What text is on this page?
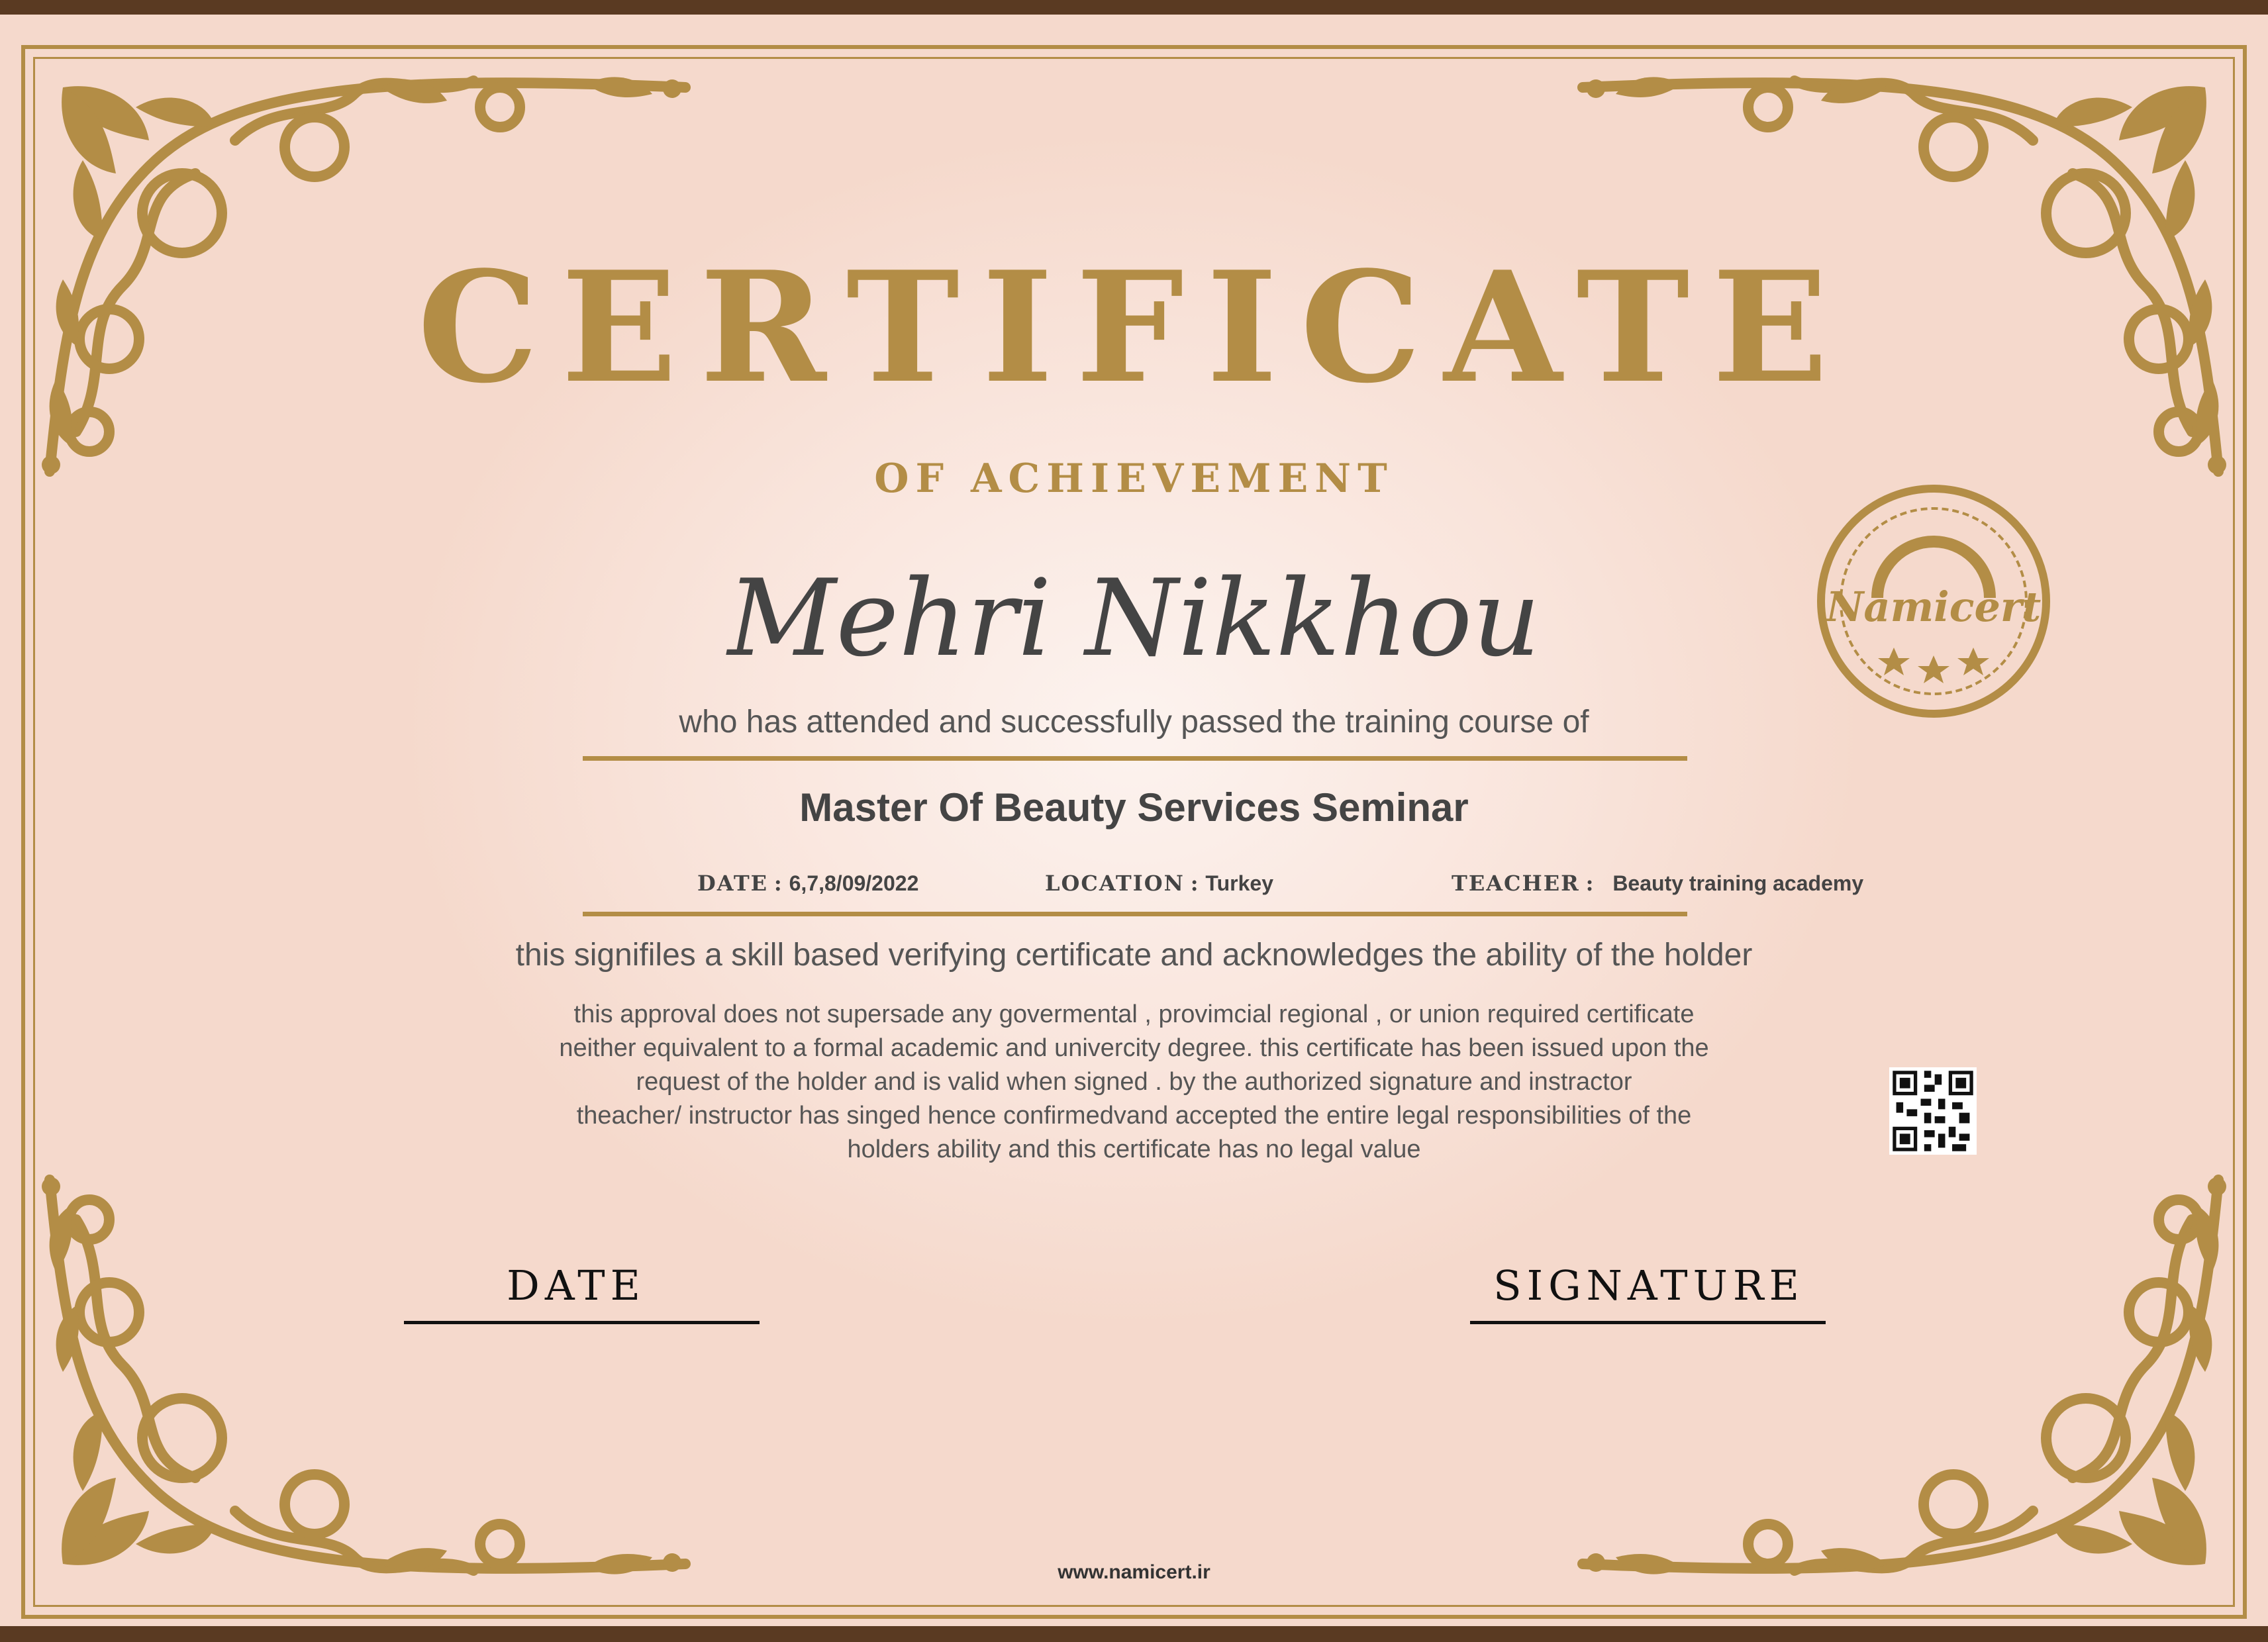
CERTIFICATE
OF ACHIEVEMENT
Mehri Nikkhou
who has attended and successfully passed the training course of
Master Of Beauty Services Seminar
DATE : 6,7,8/09/2022	LOCATION : Turkey	TEACHER : Beauty training academy
this signifiles a skill based verifying certificate and acknowledges the ability of the holder
this approval does not supersade any govermental , provimcial regional , or union required certificate
neither equivalent to a formal academic and univercity degree. this certificate has been issued upon the
request of the holder and is valid when signed . by the authorized signature and instractor
theacher/ instructor has singed hence confirmedvand accepted the entire legal responsibilities of the
holders ability and this certificate has no legal value
Namicert
DATE	SIGNATURE
www.namicert.ir
